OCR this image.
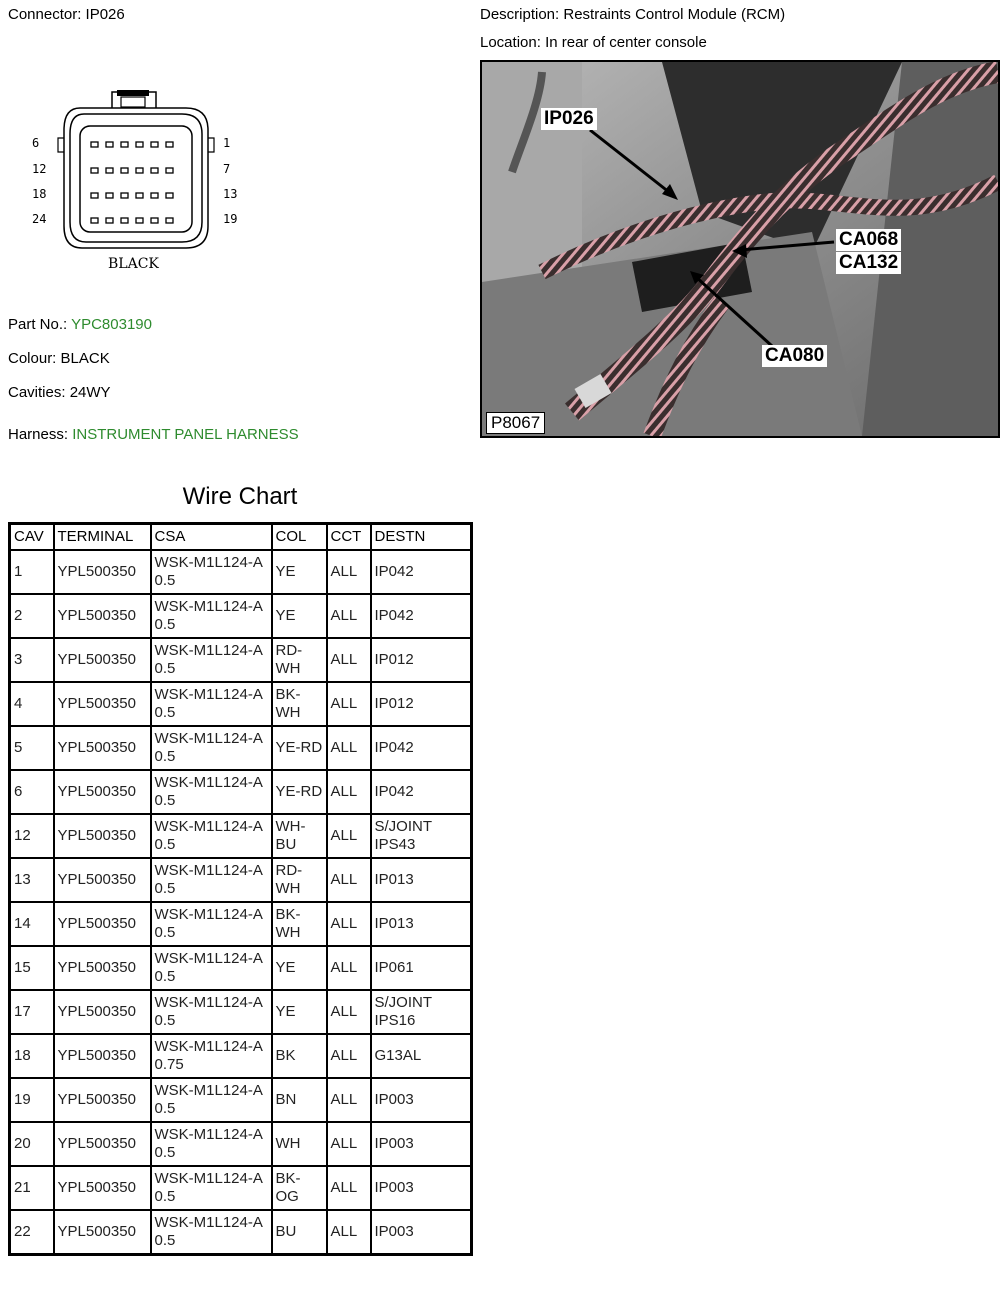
Connector: IP026	Description: Restraints Control Module (RCM)
Location: In rear of center console
6
12
18
24
1
7
13
19
BLACK
Part No.: YPC803190
Colour: BLACK
Cavities: 24WY
Harness: INSTRUMENT PANEL HARNESS
IP026
CA068
CA132
CA080
P8067
Wire Chart
CAV	TERMINAL	CSA	COL	CCT	DESTN
1	YPL500350	WSK-M1L124-A 0.5	YE	ALL	IP042
2	YPL500350	WSK-M1L124-A 0.5	YE	ALL	IP042
3	YPL500350	WSK-M1L124-A 0.5	RD-WH	ALL	IP012
4	YPL500350	WSK-M1L124-A 0.5	BK-WH	ALL	IP012
5	YPL500350	WSK-M1L124-A 0.5	YE-RD	ALL	IP042
6	YPL500350	WSK-M1L124-A 0.5	YE-RD	ALL	IP042
12	YPL500350	WSK-M1L124-A 0.5	WH-BU	ALL	S/JOINT IPS43
13	YPL500350	WSK-M1L124-A 0.5	RD-WH	ALL	IP013
14	YPL500350	WSK-M1L124-A 0.5	BK-WH	ALL	IP013
15	YPL500350	WSK-M1L124-A 0.5	YE	ALL	IP061
17	YPL500350	WSK-M1L124-A 0.5	YE	ALL	S/JOINT IPS16
18	YPL500350	WSK-M1L124-A 0.75	BK	ALL	G13AL
19	YPL500350	WSK-M1L124-A 0.5	BN	ALL	IP003
20	YPL500350	WSK-M1L124-A 0.5	WH	ALL	IP003
21	YPL500350	WSK-M1L124-A 0.5	BK-OG	ALL	IP003
22	YPL500350	WSK-M1L124-A 0.5	BU	ALL	IP003
